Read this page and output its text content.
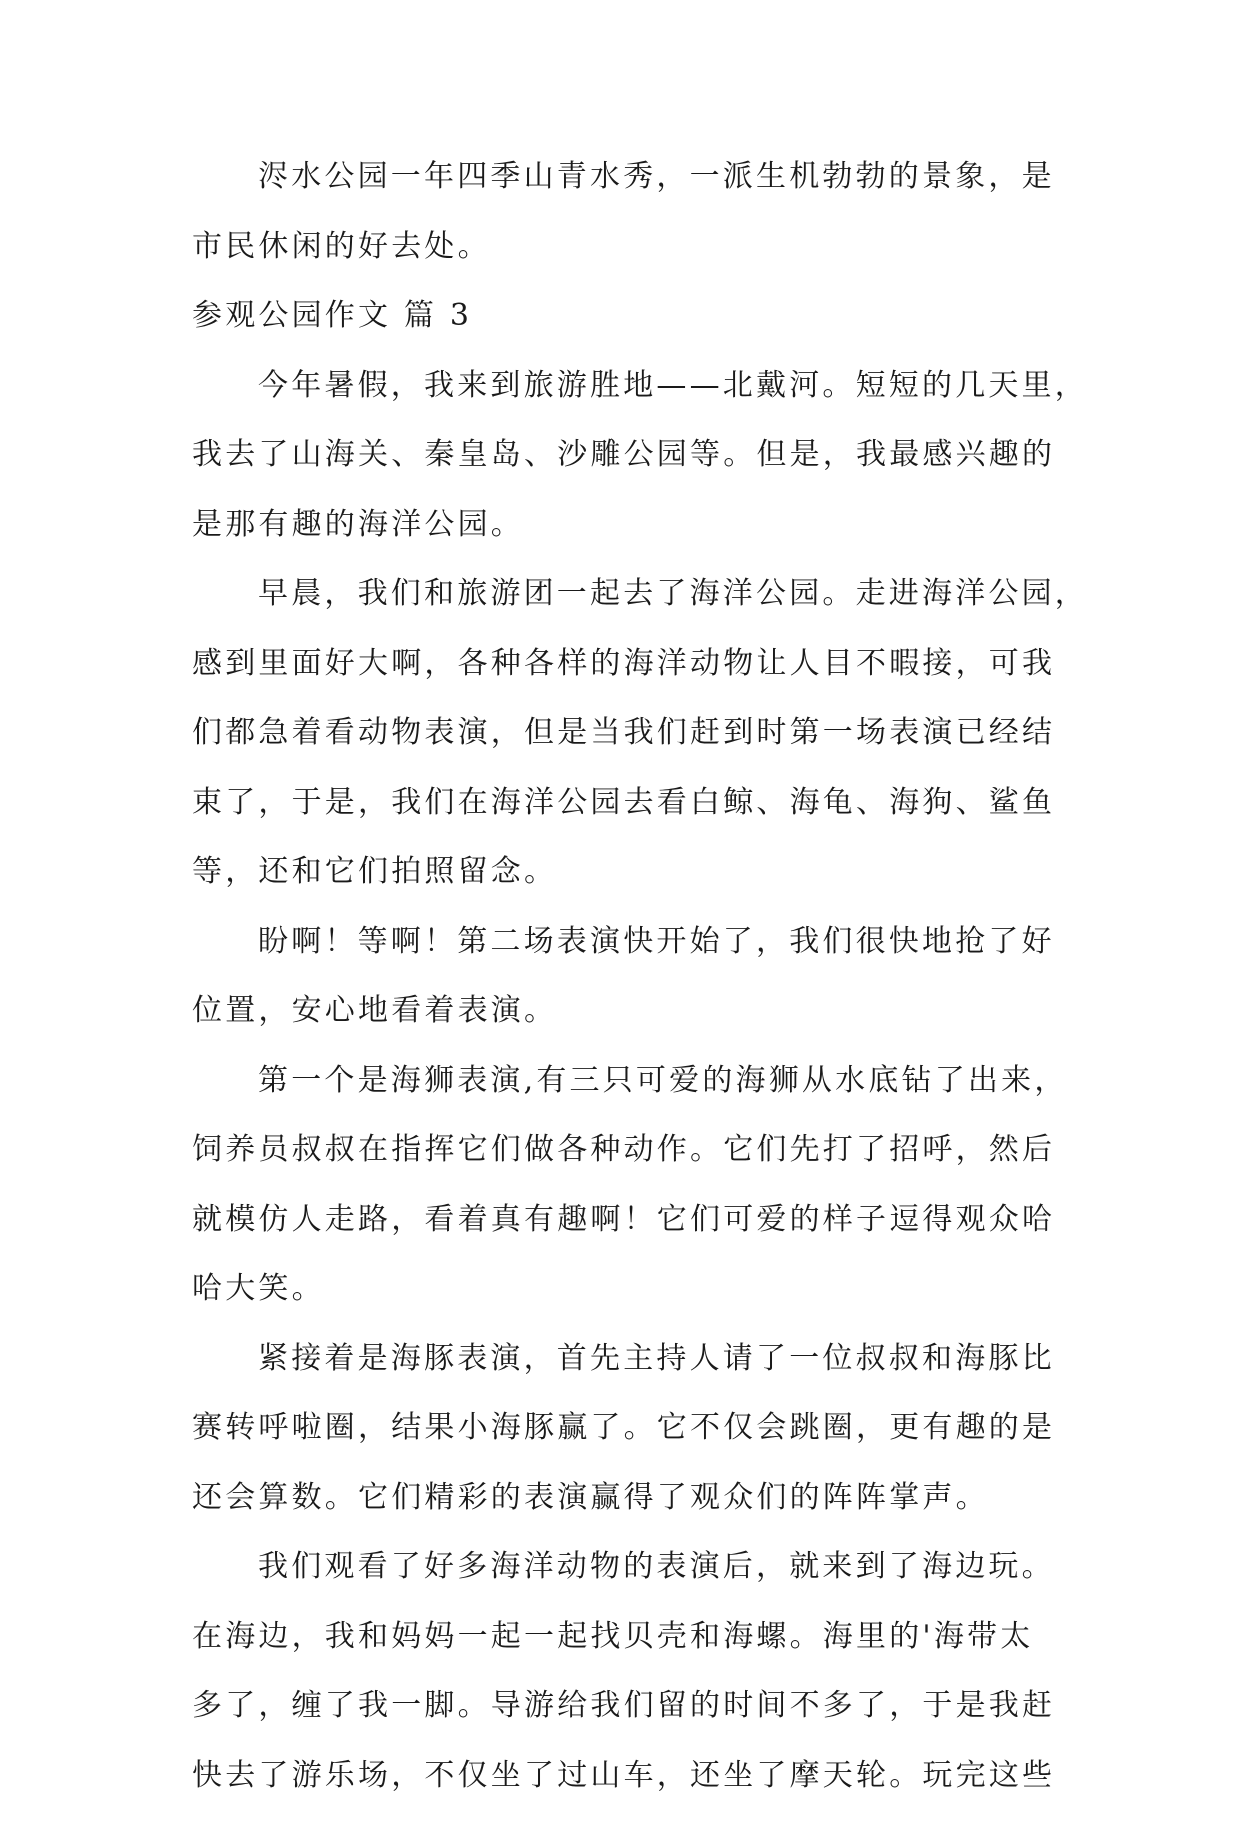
浕水公园一年四季山青水秀，一派生机勃勃的景象，是
市民休闲的好去处。
参观公园作文 篇 3
今年暑假，我来到旅游胜地——北戴河。短短的几天里，
我去了山海关、秦皇岛、沙雕公园等。但是，我最感兴趣的
是那有趣的海洋公园。
早晨，我们和旅游团一起去了海洋公园。走进海洋公园，
感到里面好大啊，各种各样的海洋动物让人目不暇接，可我
们都急着看动物表演，但是当我们赶到时第一场表演已经结
束了，于是，我们在海洋公园去看白鲸、海龟、海狗、鲨鱼
等，还和它们拍照留念。
盼啊！等啊！第二场表演快开始了，我们很快地抢了好
位置，安心地看着表演。
第一个是海狮表演,有三只可爱的海狮从水底钻了出来，
饲养员叔叔在指挥它们做各种动作。它们先打了招呼，然后
就模仿人走路，看着真有趣啊！它们可爱的样子逗得观众哈
哈大笑。
紧接着是海豚表演，首先主持人请了一位叔叔和海豚比
赛转呼啦圈，结果小海豚赢了。它不仅会跳圈，更有趣的是
还会算数。它们精彩的表演赢得了观众们的阵阵掌声。
我们观看了好多海洋动物的表演后，就来到了海边玩。
在海边，我和妈妈一起一起找贝壳和海螺。海里的'海带太
多了，缠了我一脚。导游给我们留的时间不多了，于是我赶
快去了游乐场，不仅坐了过山车，还坐了摩天轮。玩完这些
